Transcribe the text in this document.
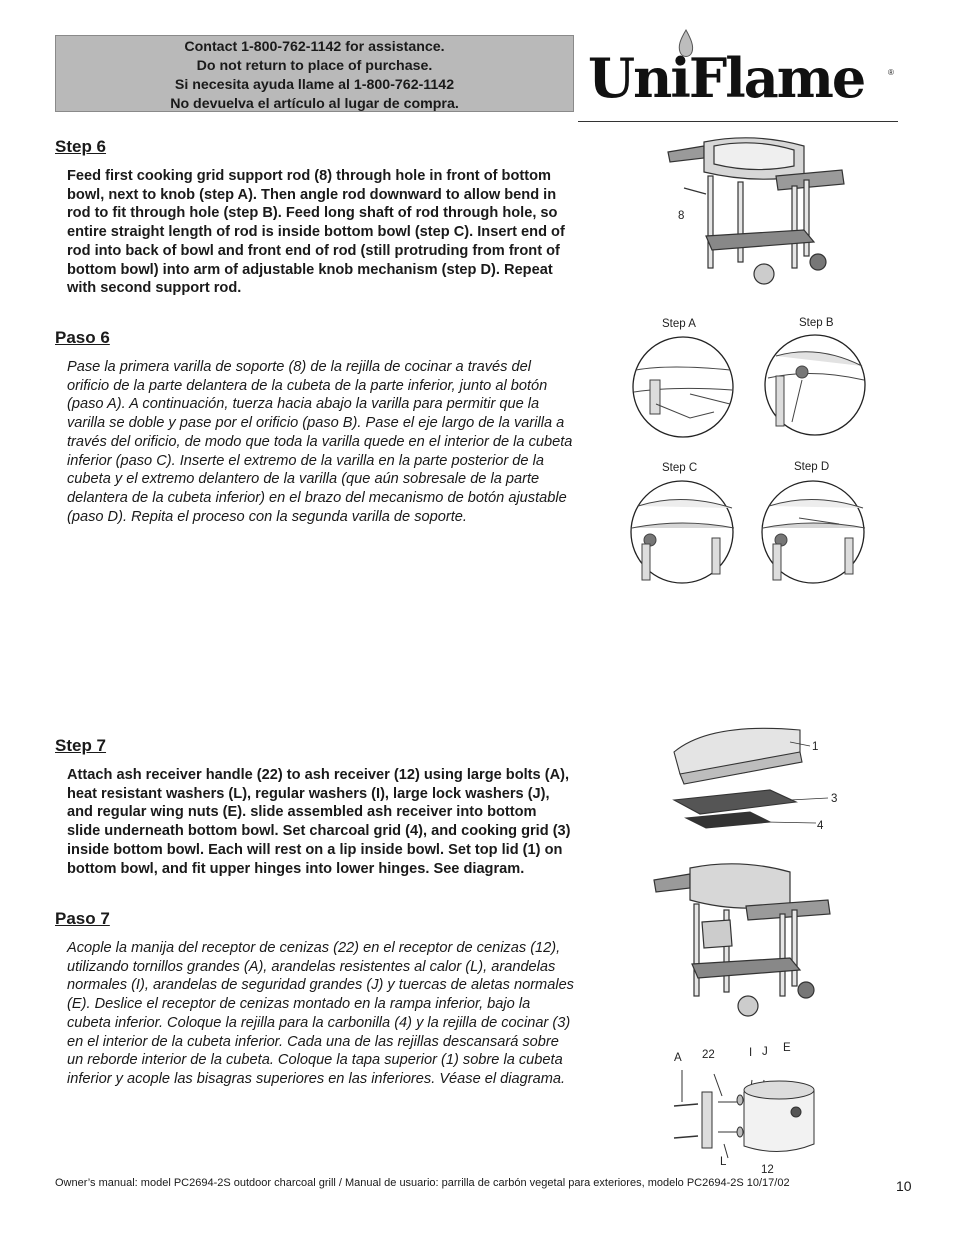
Contact 1-800-762-1142 for assistance.
Do not return to place of purchase.
Si necesita ayuda llame al 1-800-762-1142
No devuelva el artículo al lugar de compra.	UniFlame	®
Step 6
Feed first cooking grid support rod (8) through hole in front of bottom bowl, next to knob (step A). Then angle rod downward to allow bend in rod to fit through hole (step B). Feed long shaft of rod through hole, so entire straight length of rod is inside bottom bowl (step C). Insert end of rod into back of bowl and front end of rod (still protruding from front of bottom bowl) into arm of adjustable knob mechanism (step D). Repeat with second support rod.
Paso 6
Pase la primera varilla de soporte (8) de la rejilla de cocinar a través del orificio de la parte delantera de la cubeta de la parte inferior, junto al botón (paso A). A continuación, tuerza hacia abajo la varilla para permitir que la varilla se doble y pase por el orificio (paso B). Pase el eje largo de la varilla a través del orificio, de modo que toda la varilla quede en el interior de la cubeta inferior (paso C). Inserte el extremo de la varilla en la parte posterior de la cubeta y el extremo delantero de la varilla (que aún sobresale de la parte delantera de la cubeta inferior) en el brazo del mecanismo de botón ajustable (paso D). Repita el proceso con la segunda varilla de soporte.
8
Step A	Step B
Step C	Step D
Step 7
Attach ash receiver handle (22) to ash receiver (12) using large bolts (A), heat resistant washers (L), regular washers (I), large lock washers (J), and regular wing nuts (E). slide assembled ash receiver into bottom slide underneath bottom bowl. Set charcoal grid (4), and cooking grid (3) inside bottom bowl. Each will rest on a lip inside bowl. Set top lid (1) on bottom bowl, and fit upper hinges into lower hinges. See diagram.
Paso 7
Acople la manija del receptor de cenizas (22) en el receptor de cenizas (12), utilizando tornillos grandes (A), arandelas resistentes al calor (L), arandelas normales (I), arandelas de seguridad grandes (J) y tuercas de aletas normales (E). Deslice el receptor de cenizas montado en la rampa inferior, bajo la cubeta inferior. Coloque la rejilla para la carbonilla (4) y la rejilla de cocinar (3) en el interior de la cubeta inferior. Cada una de las rejillas descansará sobre un reborde interior de la cubeta. Coloque la tapa superior (1) sobre la cubeta inferior y acople las bisagras superiores en las inferiores. Véase el diagrama.
1
3
4
A 22	I J E
L
12
Owner’s manual: model PC2694-2S outdoor charcoal grill / Manual de usuario: parrilla de carbón vegetal para exteriores, modelo PC2694-2S 10/17/02	10
